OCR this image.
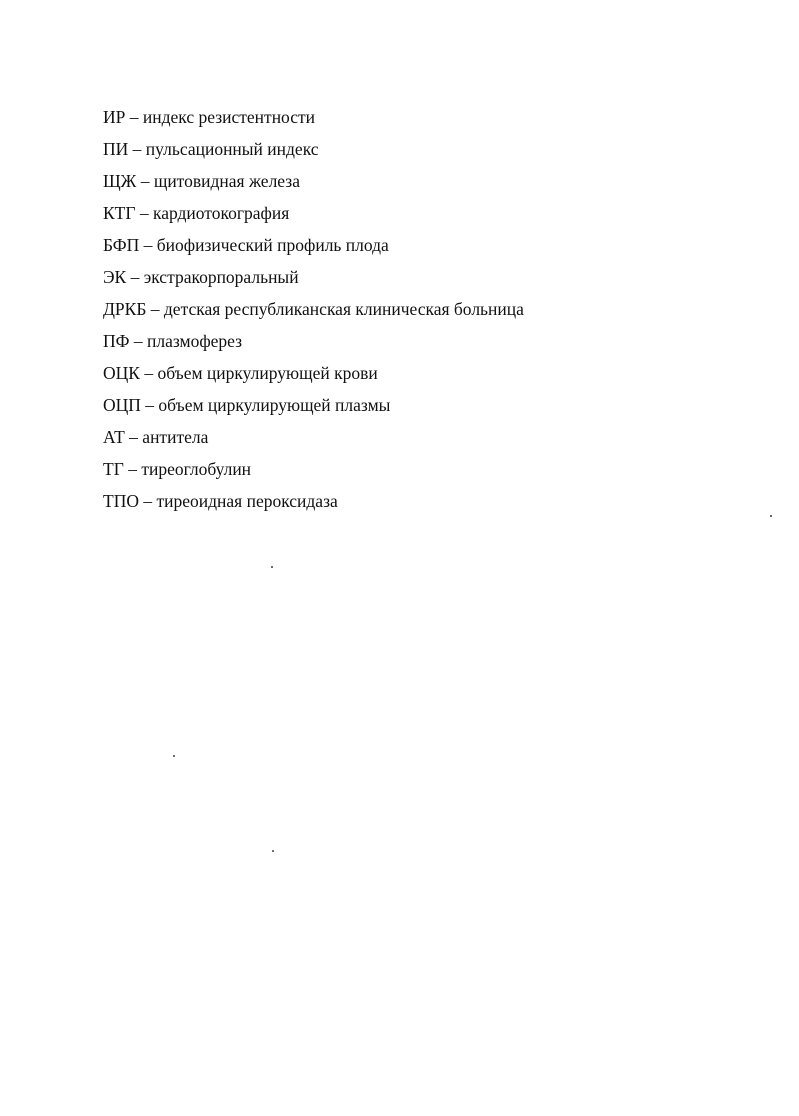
ИР – индекс резистентности
ПИ – пульсационный индекс
ЩЖ – щитовидная железа
КТГ – кардиотокография
БФП – биофизический профиль плода
ЭК – экстракорпоральный
ДРКБ – детская республиканская клиническая больница
ПФ – плазмоферез
ОЦК – объем циркулирующей крови
ОЦП – объем циркулирующей плазмы
АТ – антитела
ТГ – тиреоглобулин
ТПО – тиреоидная пероксидаза
